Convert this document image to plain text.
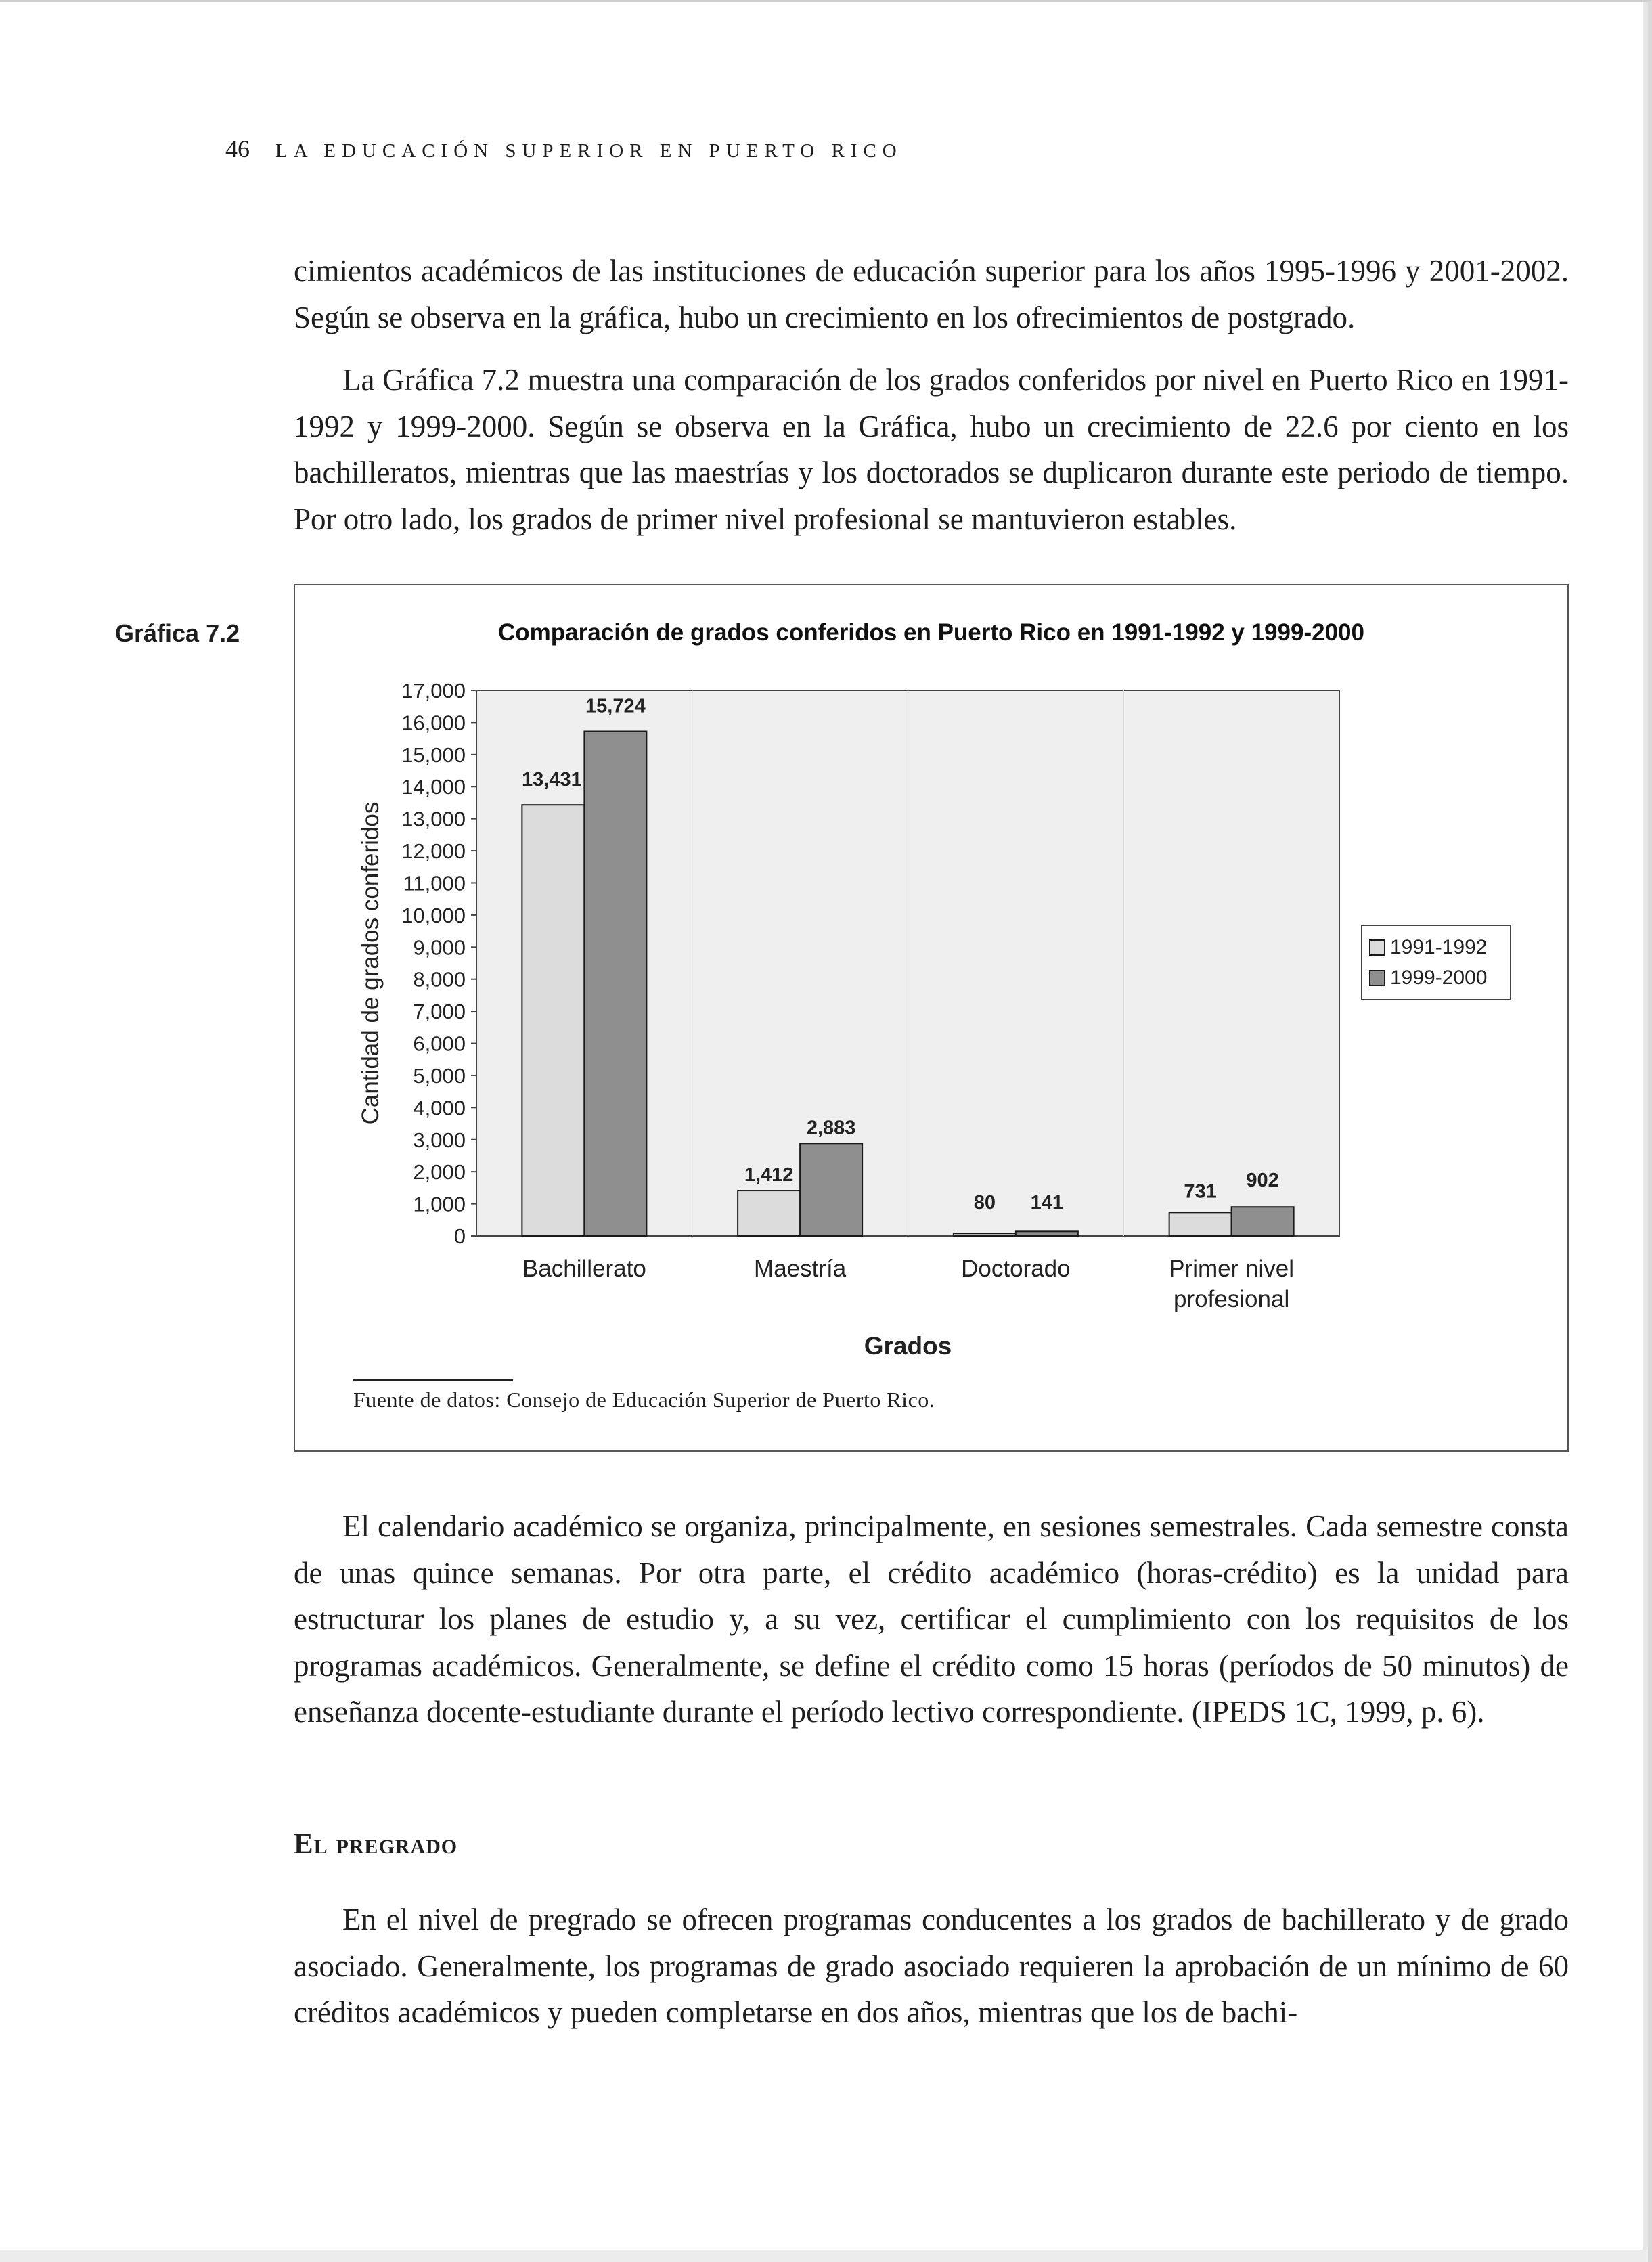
46 LA EDUCACIÓN SUPERIOR EN PUERTO RICO

cimientos académicos de las instituciones de educación superior para los años 1995-1996 y 2001-2002. Según se observa en la gráfica, hubo un crecimiento en los ofrecimientos de postgrado.

La Gráfica 7.2 muestra una comparación de los grados conferidos por nivel en Puerto Rico en 1991-1992 y 1999-2000. Según se observa en la Gráfica, hubo un crecimiento de 22.6 por ciento en los bachilleratos, mientras que las maestrías y los doctorados se duplicaron durante este periodo de tiempo. Por otro lado, los grados de primer nivel profesional se mantuvieron estables.

Gráfica 7.2	Comparación de grados conferidos en Puerto Rico en 1991-1992 y 1999-2000
0
1,000
2,000
3,000
4,000
5,000
6,000
7,000
8,000
9,000
10,000
11,000
12,000
13,000
14,000
15,000
16,000
17,000
Cantidad de grados conferidos
13,431
15,724
Bachillerato
1,412
2,883
Maestría
80 141
Doctorado
731
902
Primer nivel
profesional
Grados
1991-1992
1999-2000
Fuente de datos: Consejo de Educación Superior de Puerto Rico.

El calendario académico se organiza, principalmente, en sesiones semestrales. Cada semestre consta de unas quince semanas. Por otra parte, el crédito académico (horas-crédito) es la unidad para estructurar los planes de estudio y, a su vez, certificar el cumplimiento con los requisitos de los programas académicos. Generalmente, se define el crédito como 15 horas (períodos de 50 minutos) de enseñanza docente-estudiante durante el período lectivo correspondiente. (IPEDS 1C, 1999, p. 6).

El pregrado

En el nivel de pregrado se ofrecen programas conducentes a los grados de bachillerato y de grado asociado. Generalmente, los programas de grado asociado requieren la aprobación de un mínimo de 60 créditos académicos y pueden completarse en dos años, mientras que los de bachi-
